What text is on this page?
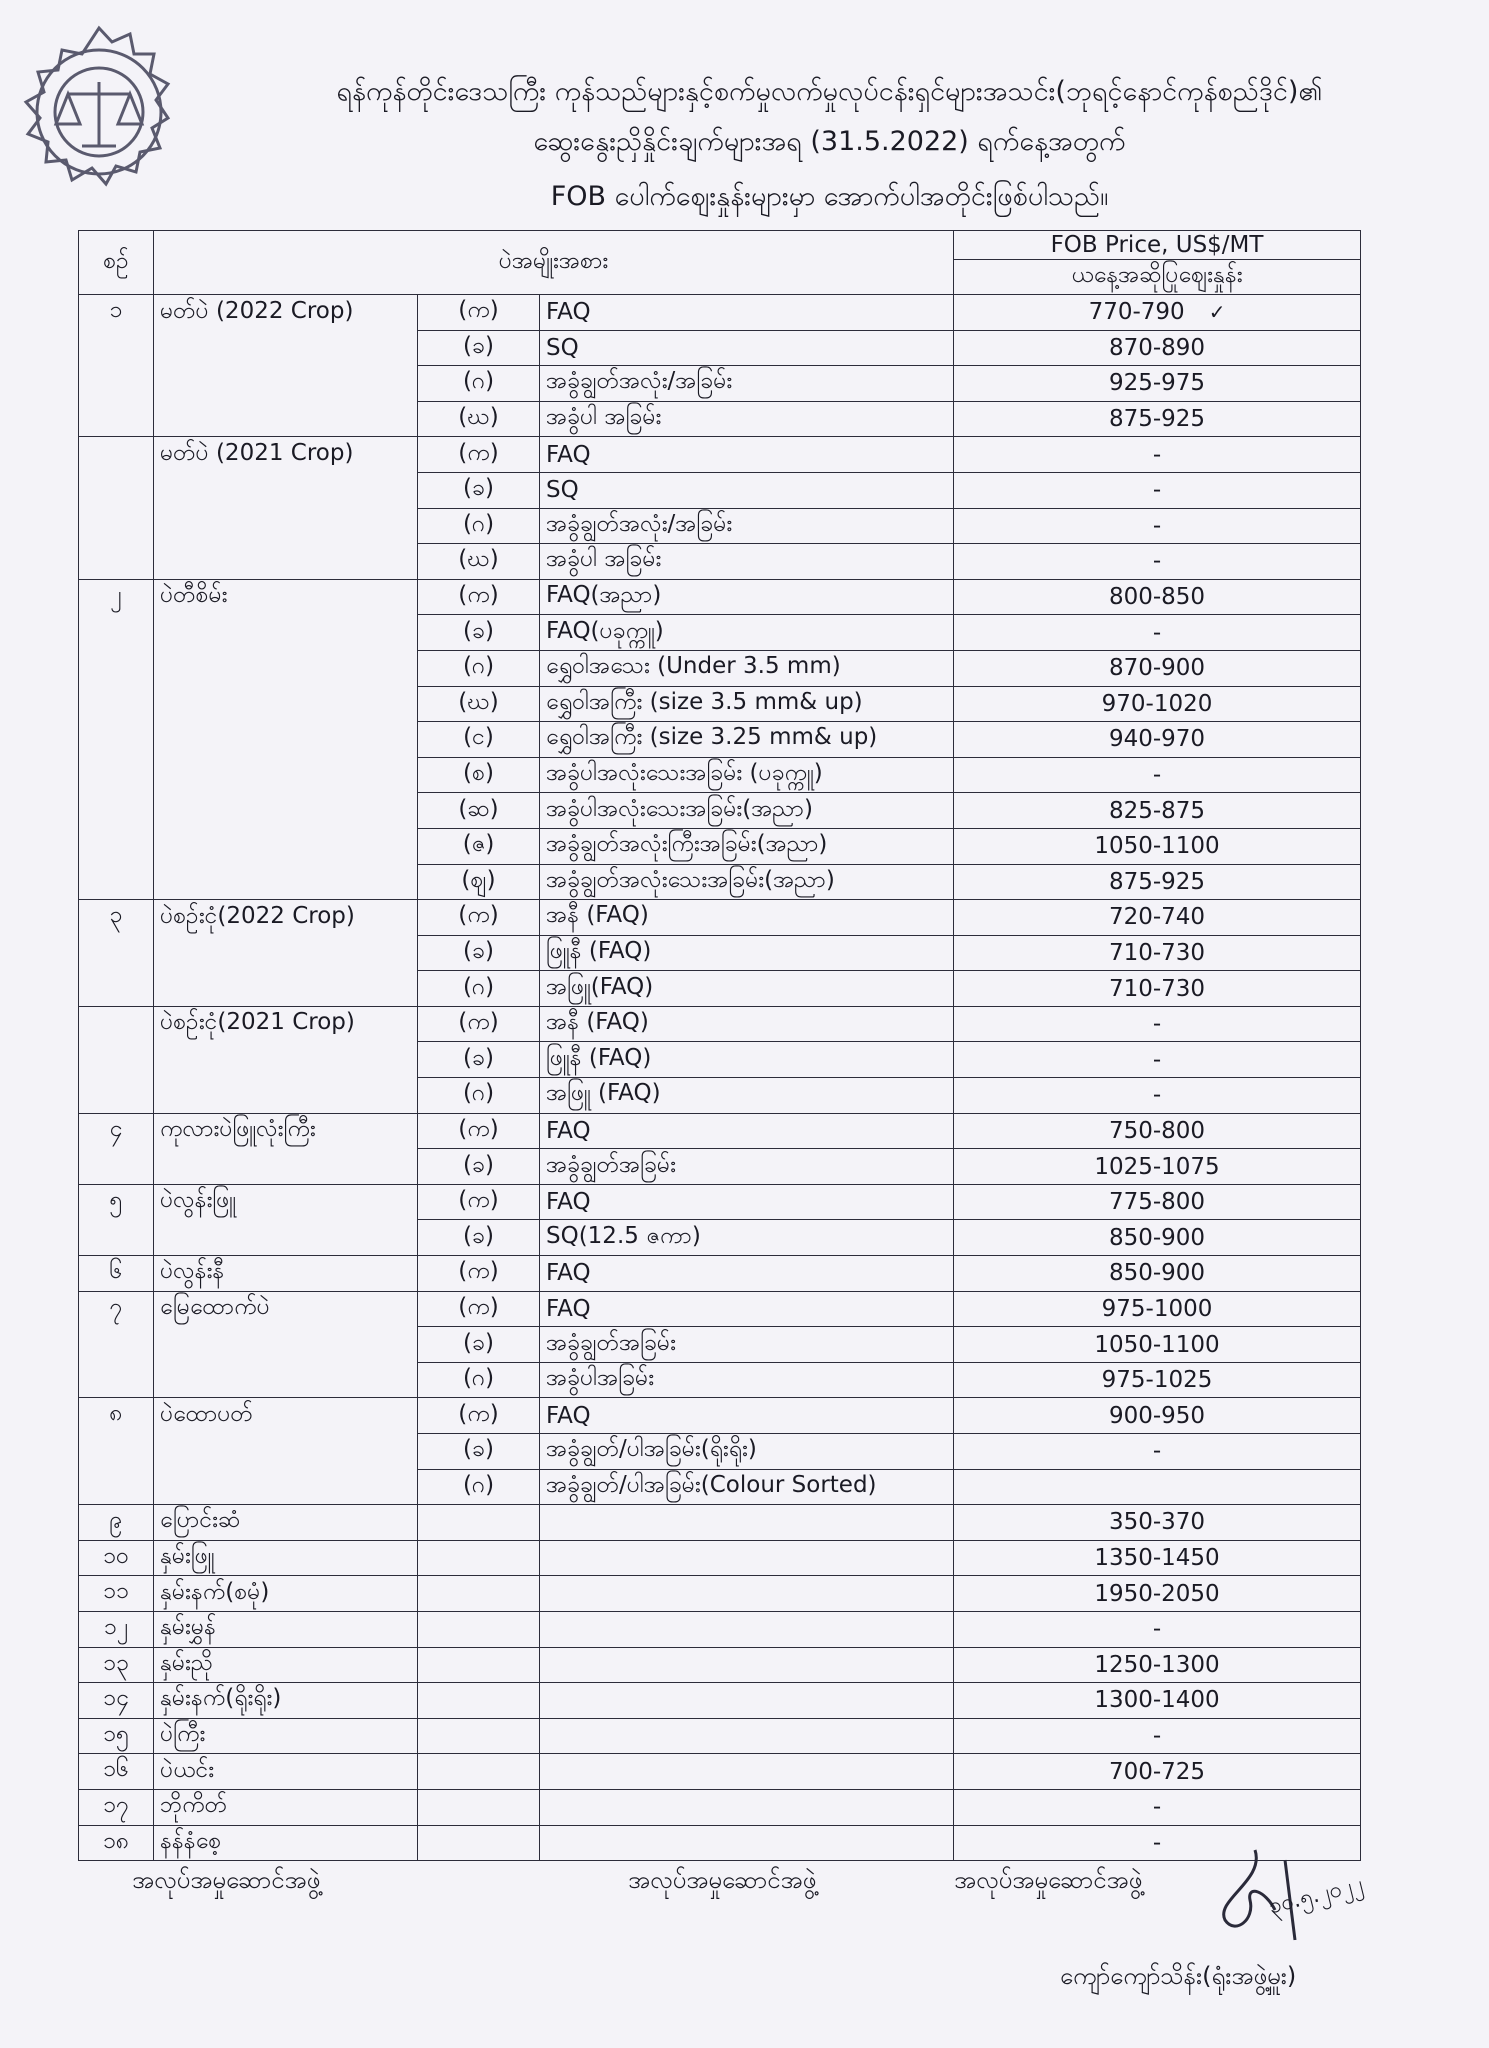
ရန်ကုန်တိုင်းဒေသကြီး ကုန်သည်များနှင့်စက်မှုလက်မှုလုပ်ငန်းရှင်များအသင်း(ဘုရင့်နောင်ကုန်စည်ဒိုင်)၏
ဆွေးနွေးညှိနှိုင်းချက်များအရ (31.5.2022) ရက်နေ့အတွက်
FOB ပေါက်ဈေးနှုန်းများမှာ အောက်ပါအတိုင်းဖြစ်ပါသည်။
စဉ်	ပဲအမျိုးအစား			FOB Price, US$/MT
				ယနေ့အဆိုပြုဈေးနှုန်း
၁	မတ်ပဲ (2022 Crop)	(က)	FAQ	770-790 ✓
		(ခ)	SQ	870-890
		(ဂ)	အခွံချွတ်အလုံး/အခြမ်း	925-975
		(ဃ)	အခွံပါ အခြမ်း	875-925
	မတ်ပဲ (2021 Crop)	(က)	FAQ	-
		(ခ)	SQ	-
		(ဂ)	အခွံချွတ်အလုံး/အခြမ်း	-
		(ဃ)	အခွံပါ အခြမ်း	-
၂	ပဲတီစိမ်း	(က)	FAQ(အညာ)	800-850
		(ခ)	FAQ(ပခုက္ကူ)	-
		(ဂ)	ရွှေဝါအသေး (Under 3.5 mm)	870-900
		(ဃ)	ရွှေဝါအကြီး (size 3.5 mm& up)	970-1020
		(င)	ရွှေဝါအကြီး (size 3.25 mm& up)	940-970
		(စ)	အခွံပါအလုံးသေးအခြမ်း (ပခုက္ကူ)	-
		(ဆ)	အခွံပါအလုံးသေးအခြမ်း(အညာ)	825-875
		(ဇ)	အခွံချွတ်အလုံးကြီးအခြမ်း(အညာ)	1050-1100
		(ဈ)	အခွံချွတ်အလုံးသေးအခြမ်း(အညာ)	875-925
၃	ပဲစဉ်းငုံ(2022 Crop)	(က)	အနီ (FAQ)	720-740
		(ခ)	ဖြူနီ (FAQ)	710-730
		(ဂ)	အဖြူ(FAQ)	710-730
	ပဲစဉ်းငုံ(2021 Crop)	(က)	အနီ (FAQ)	-
		(ခ)	ဖြူနီ (FAQ)	-
		(ဂ)	အဖြူ (FAQ)	-
၄	ကုလားပဲဖြူလုံးကြီး	(က)	FAQ	750-800
		(ခ)	အခွံချွတ်အခြမ်း	1025-1075
၅	ပဲလွန်းဖြူ	(က)	FAQ	775-800
		(ခ)	SQ(12.5 ဇကာ)	850-900
၆	ပဲလွန်းနီ	(က)	FAQ	850-900
၇	မြေထောက်ပဲ	(က)	FAQ	975-1000
		(ခ)	အခွံချွတ်အခြမ်း	1050-1100
		(ဂ)	အခွံပါအခြမ်း	975-1025
၈	ပဲထောပတ်	(က)	FAQ	900-950
		(ခ)	အခွံချွတ်/ပါအခြမ်း(ရိုးရိုး)	-
		(ဂ)	အခွံချွတ်/ပါအခြမ်း(Colour Sorted)	
၉	ပြောင်းဆံ			350-370
၁၀	နှမ်းဖြူ			1350-1450
၁၁	နှမ်းနက်(စမုံ)			1950-2050
၁၂	နှမ်းမွှန်			-
၁၃	နှမ်းညို			1250-1300
၁၄	နှမ်းနက်(ရိုးရိုး)			1300-1400
၁၅	ပဲကြီး			-
၁၆	ပဲယင်း			700-725
၁၇	ဘိုကိတ်			-
၁၈	နန်နံစေ့			-
အလုပ်အမှုဆောင်အဖွဲ့	အလုပ်အမှုဆောင်အဖွဲ့	အလုပ်အမှုဆောင်အဖွဲ့	၃၀.၅.၂၀၂၂
ကျော်ကျော်သိန်း(ရုံးအဖွဲ့မှူး)
